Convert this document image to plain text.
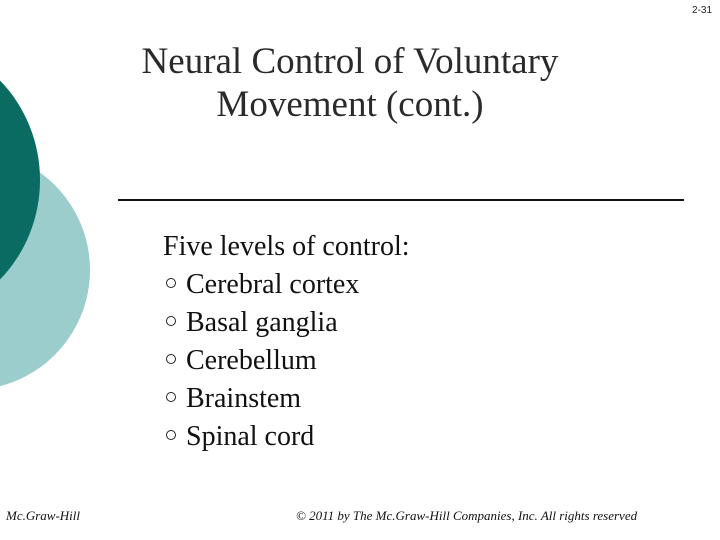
2-31
Neural Control of Voluntary
Movement (cont.)
Five levels of control:
Cerebral cortex
Basal ganglia
Cerebellum
Brainstem
Spinal cord
Mc.Graw-Hill	© 2011 by The Mc.Graw-Hill Companies, Inc. All rights reserved
